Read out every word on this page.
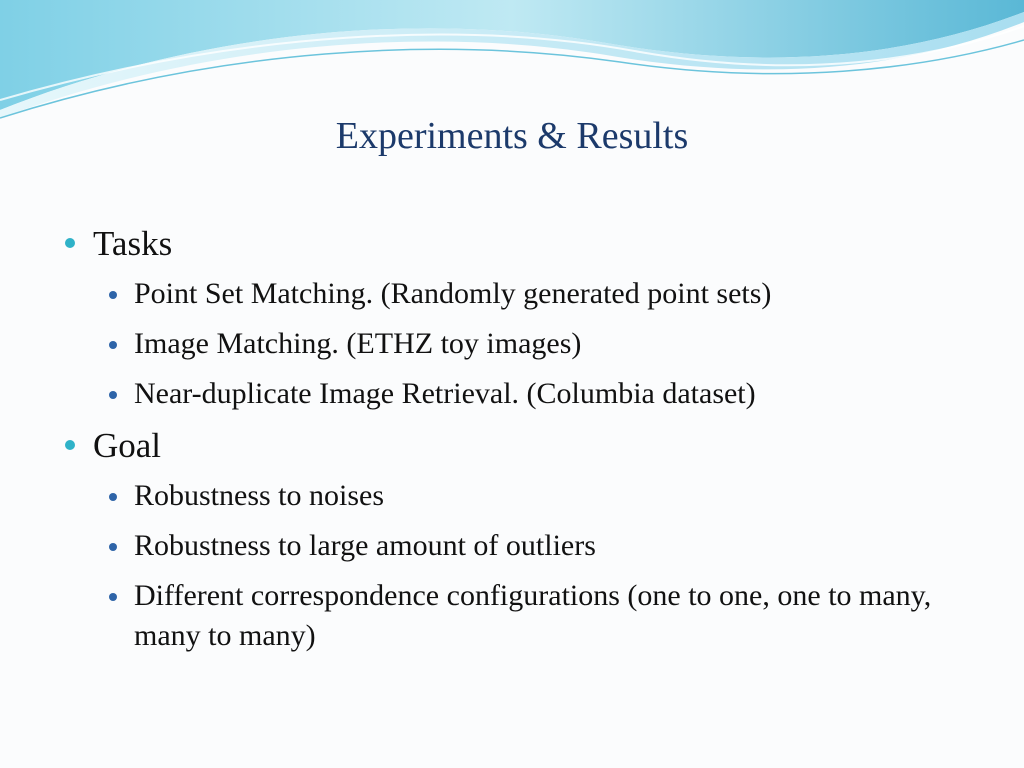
Experiments & Results
Tasks
Point Set Matching. (Randomly generated point sets)
Image Matching. (ETHZ toy images)
Near-duplicate Image Retrieval. (Columbia dataset)
Goal
Robustness to noises
Robustness to large amount of outliers
Different correspondence configurations (one to one, one to many, many to many)
